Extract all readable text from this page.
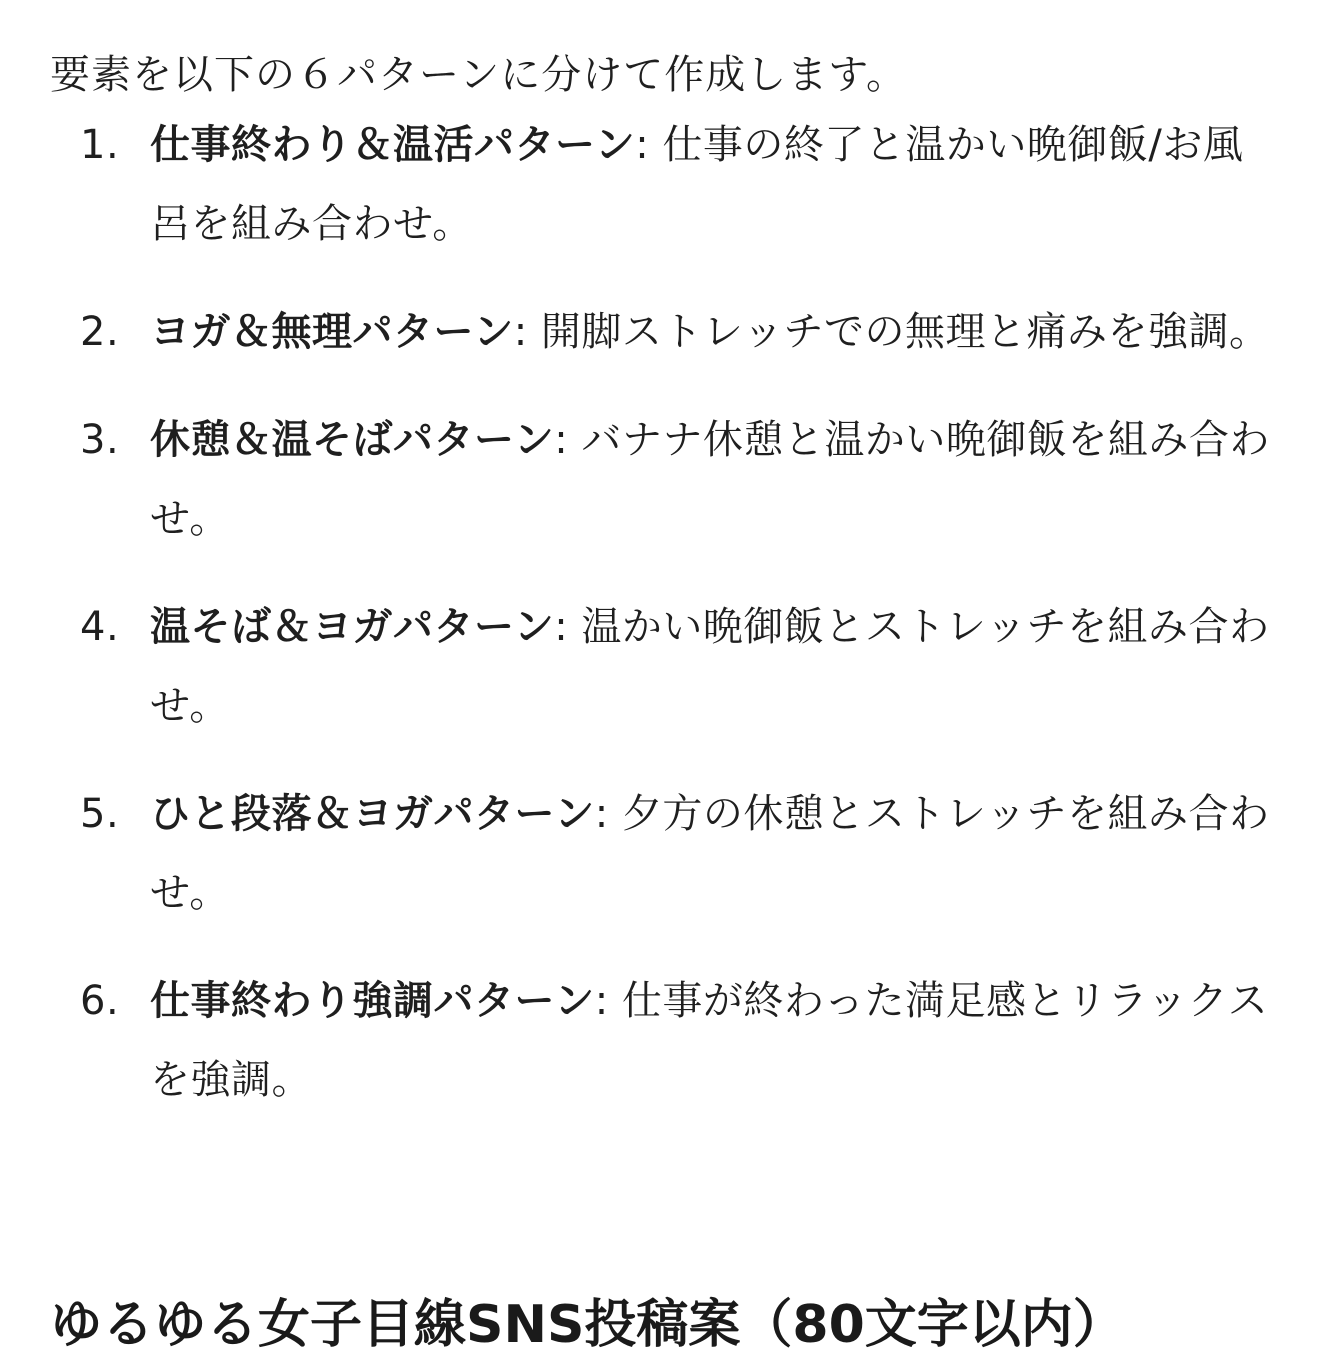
要素を以下の６パターンに分けて作成します。

1. 仕事終わり＆温活パターン: 仕事の終了と温かい晩御飯/お風呂を組み合わせ。
2. ヨガ＆無理パターン: 開脚ストレッチでの無理と痛みを強調。
3. 休憩＆温そばパターン: バナナ休憩と温かい晩御飯を組み合わせ。
4. 温そば＆ヨガパターン: 温かい晩御飯とストレッチを組み合わせ。
5. ひと段落＆ヨガパターン: 夕方の休憩とストレッチを組み合わせ。
6. 仕事終わり強調パターン: 仕事が終わった満足感とリラックスを強調。
ゆるゆる女子目線SNS投稿案（80文字以内）
